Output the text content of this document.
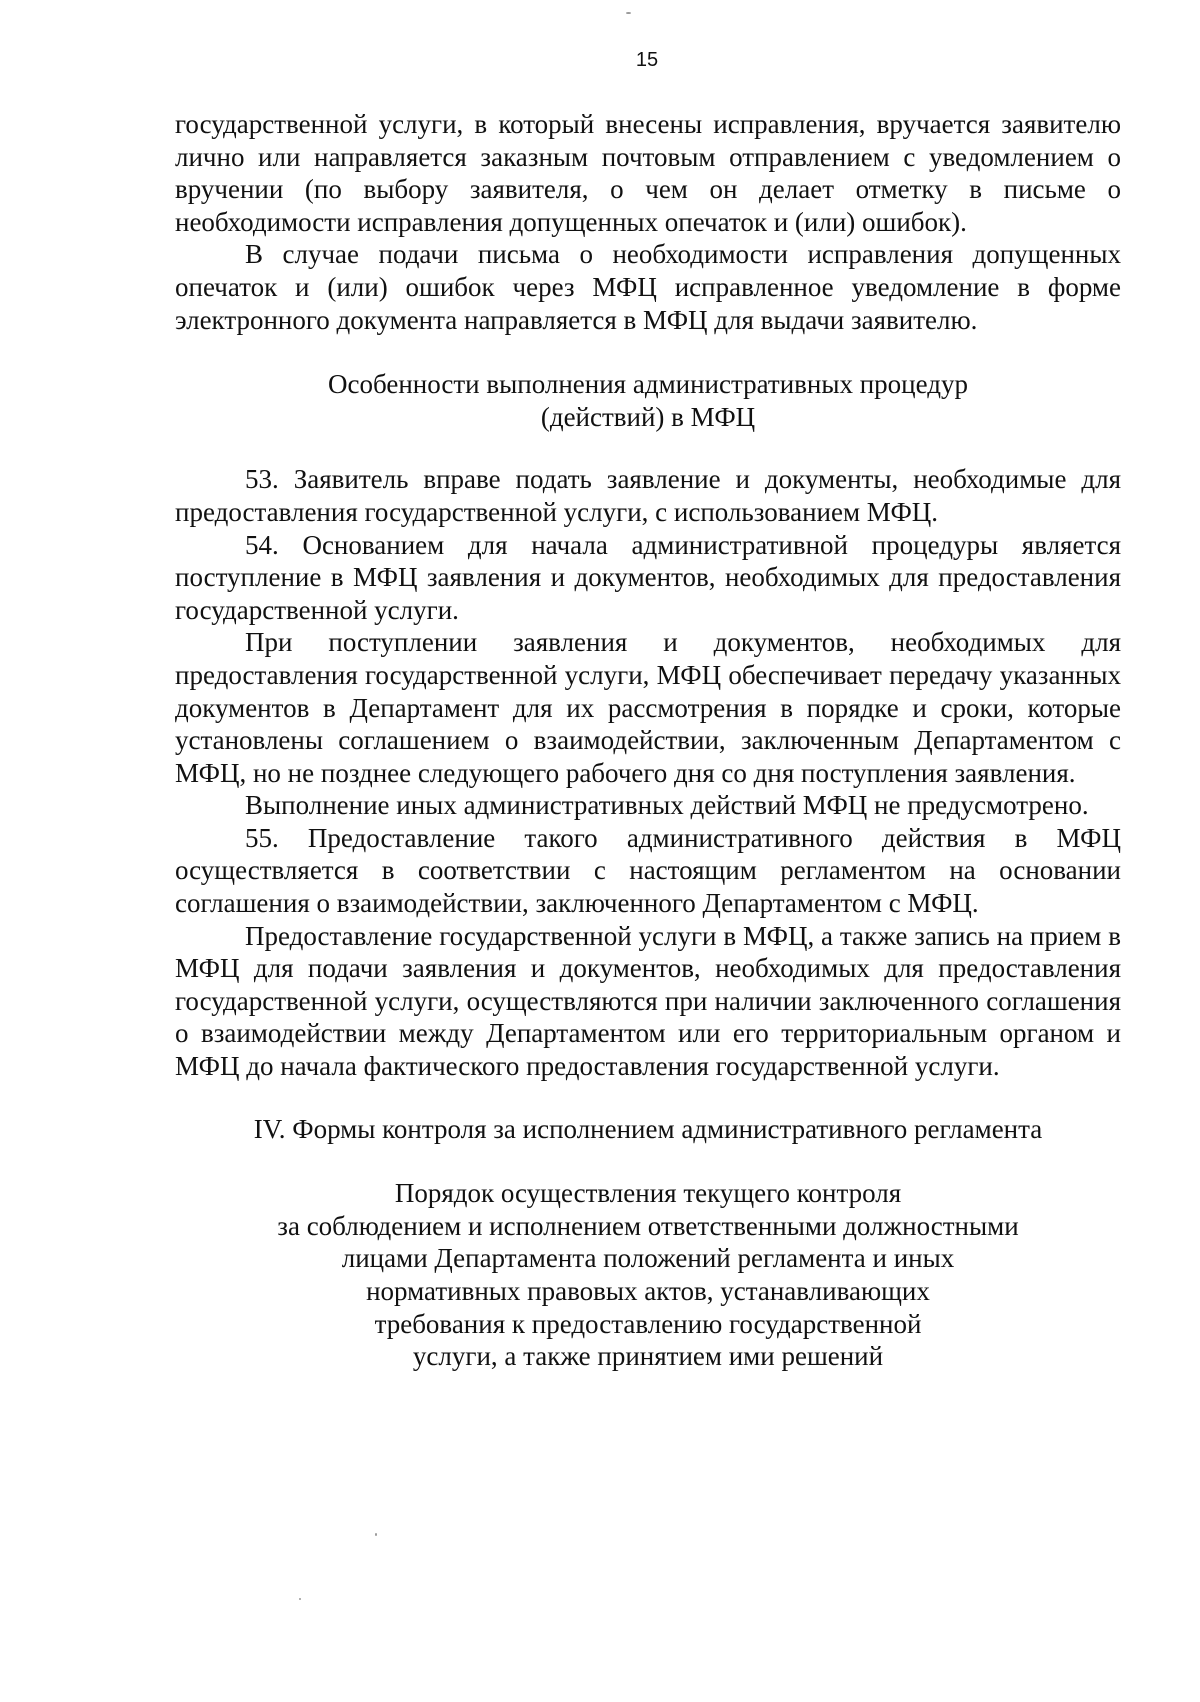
15

государственной услуги, в который внесены исправления, вручается заявителю лично или направляется заказным почтовым отправлением с уведомлением о вручении (по выбору заявителя, о чем он делает отметку в письме о необходимости исправления допущенных опечаток и (или) ошибок).

В случае подачи письма о необходимости исправления допущенных опечаток и (или) ошибок через МФЦ исправленное уведомление в форме электронного документа направляется в МФЦ для выдачи заявителю.

Особенности выполнения административных процедур
(действий) в МФЦ

53. Заявитель вправе подать заявление и документы, необходимые для предоставления государственной услуги, с использованием МФЦ.

54. Основанием для начала административной процедуры является поступление в МФЦ заявления и документов, необходимых для предоставления государственной услуги.

При поступлении заявления и документов, необходимых для предоставления государственной услуги, МФЦ обеспечивает передачу указанных документов в Департамент для их рассмотрения в порядке и сроки, которые установлены соглашением о взаимодействии, заключенным Департаментом с МФЦ, но не позднее следующего рабочего дня со дня поступления заявления.

Выполнение иных административных действий МФЦ не предусмотрено.

55. Предоставление такого административного действия в МФЦ осуществляется в соответствии с настоящим регламентом на основании соглашения о взаимодействии, заключенного Департаментом с МФЦ.

Предоставление государственной услуги в МФЦ, а также запись на прием в МФЦ для подачи заявления и документов, необходимых для предоставления государственной услуги, осуществляются при наличии заключенного соглашения о взаимодействии между Департаментом или его территориальным органом и МФЦ до начала фактического предоставления государственной услуги.

IV. Формы контроля за исполнением административного регламента

Порядок осуществления текущего контроля
за соблюдением и исполнением ответственными должностными
лицами Департамента положений регламента и иных
нормативных правовых актов, устанавливающих
требования к предоставлению государственной
услуги, а также принятием ими решений
